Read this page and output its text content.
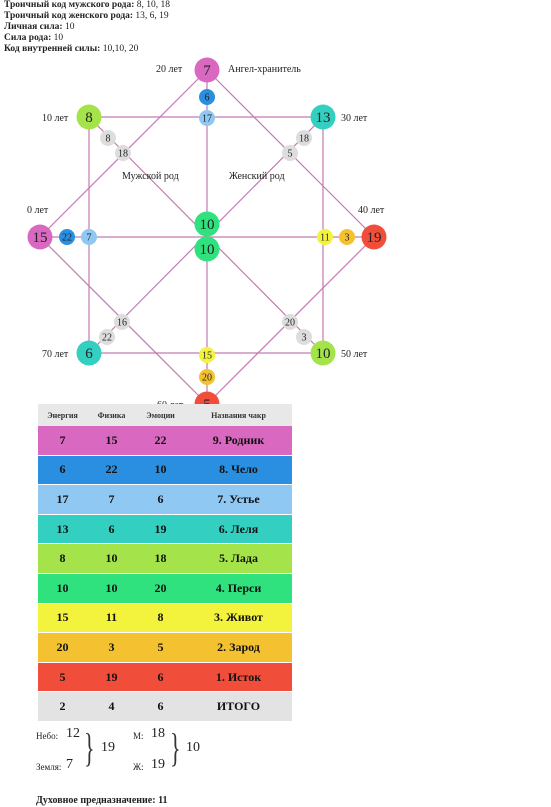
Троичный код мужского рода: 8, 10, 18
Троичный код женского рода: 13, 6, 19
Личная сила: 10
Сила рода: 10
Код внутренней силы: 10,10, 20
20 лет	Ангел-хранитель
10 лет	30 лет
Мужской род	Женский род
0 лет	40 лет
70 лет	50 лет
7
15	19
8	13
6	10
10
10
6
17
22 7	11 3
15
20
8
18
18
5
16
22
20
3
Энергия	Физика	Эмоции	Названия чакр
7	15	22	9. Родник
6	22	10	8. Чело
17	7	6	7. Устье
13	6	19	6. Леля
8	10	18	5. Лада
10	10	20	4. Перси
15	11	8	3. Живот
20	3	5	2. Зарод
5	19	6	1. Исток
2	4	6	ИТОГО
Небо: 12
Земля: 7 } 19
М: 18
Ж: 19 } 10
Духовное предназначение: 11
